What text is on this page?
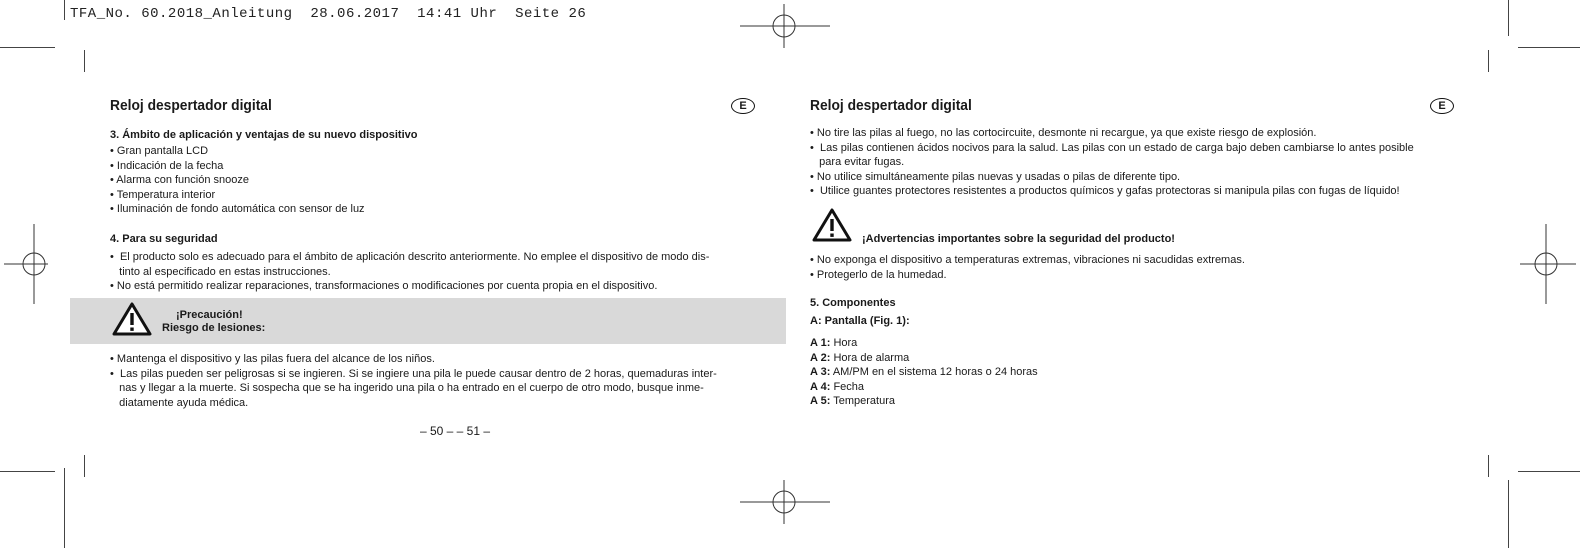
TFA_No. 60.2018_Anleitung  28.06.2017  14:41 Uhr  Seite 26
Reloj despertador digital	E
3. Ámbito de aplicación y ventajas de su nuevo dispositivo
• Gran pantalla LCD
• Indicación de la fecha
• Alarma con función snooze
• Temperatura interior
• Iluminación de fondo automática con sensor de luz
4. Para su seguridad
•  El producto solo es adecuado para el ámbito de aplicación descrito anteriormente. No emplee el dispositivo de modo dis-
tinto al especificado en estas instrucciones.
• No está permitido realizar reparaciones, transformaciones o modificaciones por cuenta propia en el dispositivo.
¡Precaución!
Riesgo de lesiones:
• Mantenga el dispositivo y las pilas fuera del alcance de los niños.
•  Las pilas pueden ser peligrosas si se ingieren. Si se ingiere una pila le puede causar dentro de 2 horas, quemaduras inter-
nas y llegar a la muerte. Si sospecha que se ha ingerido una pila o ha entrado en el cuerpo de otro modo, busque inme-
diatamente ayuda médica.
– 50 – – 51 –
Reloj despertador digital	E
• No tire las pilas al fuego, no las cortocircuite, desmonte ni recargue, ya que existe riesgo de explosión.
•  Las pilas contienen ácidos nocivos para la salud. Las pilas con un estado de carga bajo deben cambiarse lo antes posible
para evitar fugas.
• No utilice simultáneamente pilas nuevas y usadas o pilas de diferente tipo.
•  Utilice guantes protectores resistentes a productos químicos y gafas protectoras si manipula pilas con fugas de líquido!
¡Advertencias importantes sobre la seguridad del producto!
• No exponga el dispositivo a temperaturas extremas, vibraciones ni sacudidas extremas.
• Protegerlo de la humedad.
5. Componentes
A: Pantalla (Fig. 1):
A 1: Hora
A 2: Hora de alarma
A 3: AM/PM en el sistema 12 horas o 24 horas
A 4: Fecha
A 5: Temperatura
